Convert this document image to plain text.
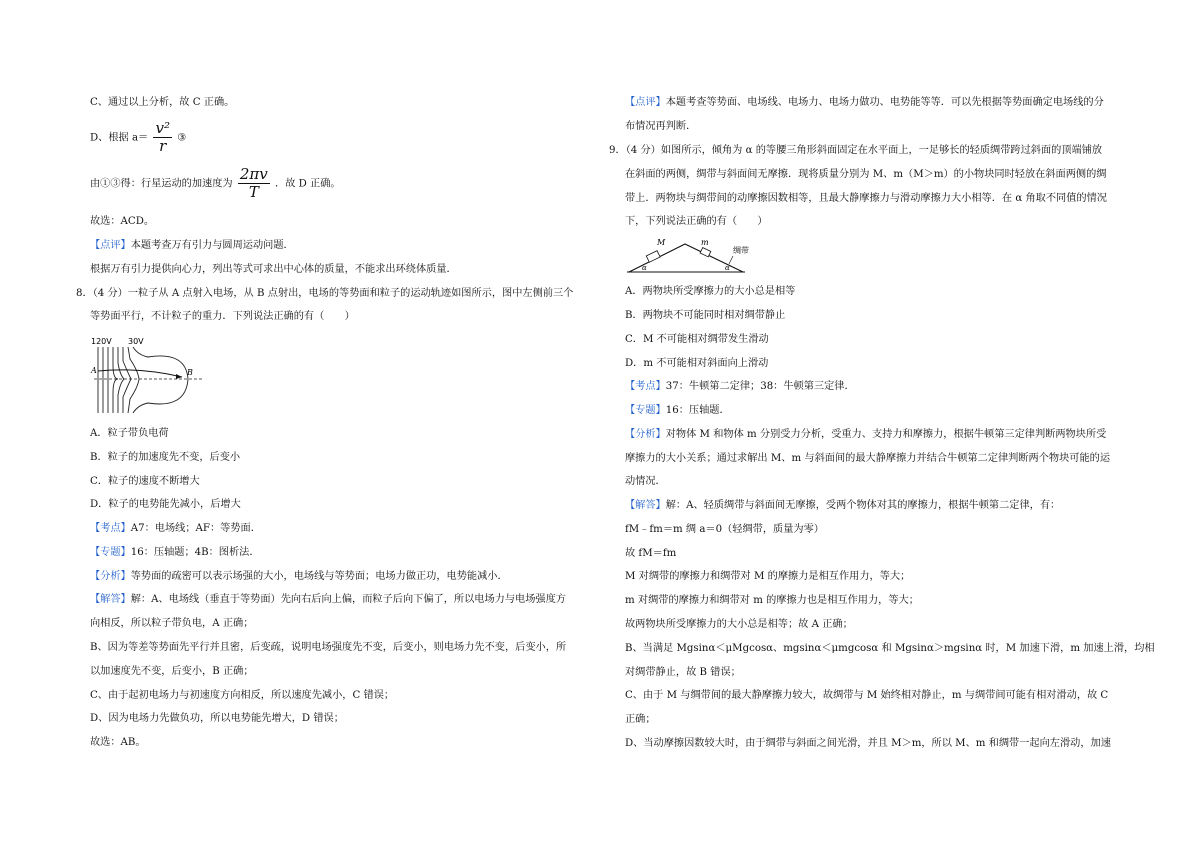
C、通过以上分析，故 C 正确。
D、根据 $a= \frac{\text{v²}}{r}$ ③
由①③得：行星运动的加速度为 $\frac{2\pi v}{T}$ ．故 D 正确。
故选：ACD。
【点评】本题考查万有引力与圆周运动问题．
根据万有引力提供向心力，列出等式可求出中心体的质量，不能求出环绕体质量．
8．（4 分）一粒子从 A 点射入电场，从 B 点射出，电场的等势面和粒子的运动轨迹如图所示，图中左侧前三个
等势面平行，不计粒子的重力．下列说法正确的有（　　）
120V 30V
A	B
A．粒子带负电荷
B．粒子的加速度先不变，后变小
C．粒子的速度不断增大
D．粒子的电势能先减小，后增大
【考点】A7：电场线；AF：等势面．
【专题】16：压轴题；4B：图析法．
【分析】等势面的疏密可以表示场强的大小，电场线与等势面；电场力做正功，电势能减小．
【解答】解：A、电场线（垂直于等势面）先向右后向上偏，而粒子后向下偏了，所以电场力与电场强度方
向相反，所以粒子带负电，A 正确；
B、因为等差等势面先平行并且密，后变疏，说明电场强度先不变，后变小，则电场力先不变，后变小，所
以加速度先不变，后变小，B 正确；
C、由于起初电场力与初速度方向相反，所以速度先减小，C 错误；
D、因为电场力先做负功，所以电势能先增大，D 错误；
故选：AB。
【点评】本题考查等势面、电场线、电场力、电场力做功、电势能等等．可以先根据等势面确定电场线的分
布情况再判断．
9．（4 分）如图所示，倾角为 α 的等腰三角形斜面固定在水平面上，一足够长的轻质绸带跨过斜面的顶端铺放
在斜面的两侧，绸带与斜面间无摩擦．现将质量分别为 M、m（M＞m）的小物块同时轻放在斜面两侧的绸
带上．两物块与绸带间的动摩擦因数相等，且最大静摩擦力与滑动摩擦力大小相等．在 α 角取不同值的情况
下，下列说法正确的有（　　）
M	m
绸带
α	α
A．两物块所受摩擦力的大小总是相等
B．两物块不可能同时相对绸带静止
C．M 不可能相对绸带发生滑动
D．m 不可能相对斜面向上滑动
【考点】37：牛顿第二定律；38：牛顿第三定律．
【专题】16：压轴题．
【分析】对物体 M 和物体 m 分别受力分析，受重力、支持力和摩擦力，根据牛顿第三定律判断两物块所受
摩擦力的大小关系；通过求解出 M、m 与斜面间的最大静摩擦力并结合牛顿第二定律判断两个物块可能的运
动情况．
【解答】解：A、轻质绸带与斜面间无摩擦，受两个物体对其的摩擦力，根据牛顿第二定律，有：
fM﹣fm＝m 绸 a＝0（轻绸带，质量为零）
故 fM＝fm
M 对绸带的摩擦力和绸带对 M 的摩擦力是相互作用力，等大；
m 对绸带的摩擦力和绸带对 m 的摩擦力也是相互作用力，等大；
故两物块所受摩擦力的大小总是相等；故 A 正确；
B、当满足 Mgsinα＜μMgcosα、mgsinα＜μmgcosα 和 Mgsinα＞mgsinα 时，M 加速下滑，m 加速上滑，均相
对绸带静止，故 B 错误；
C、由于 M 与绸带间的最大静摩擦力较大，故绸带与 M 始终相对静止，m 与绸带间可能有相对滑动，故 C
正确；
D、当动摩擦因数较大时，由于绸带与斜面之间光滑，并且 M＞m，所以 M、m 和绸带一起向左滑动，加速
